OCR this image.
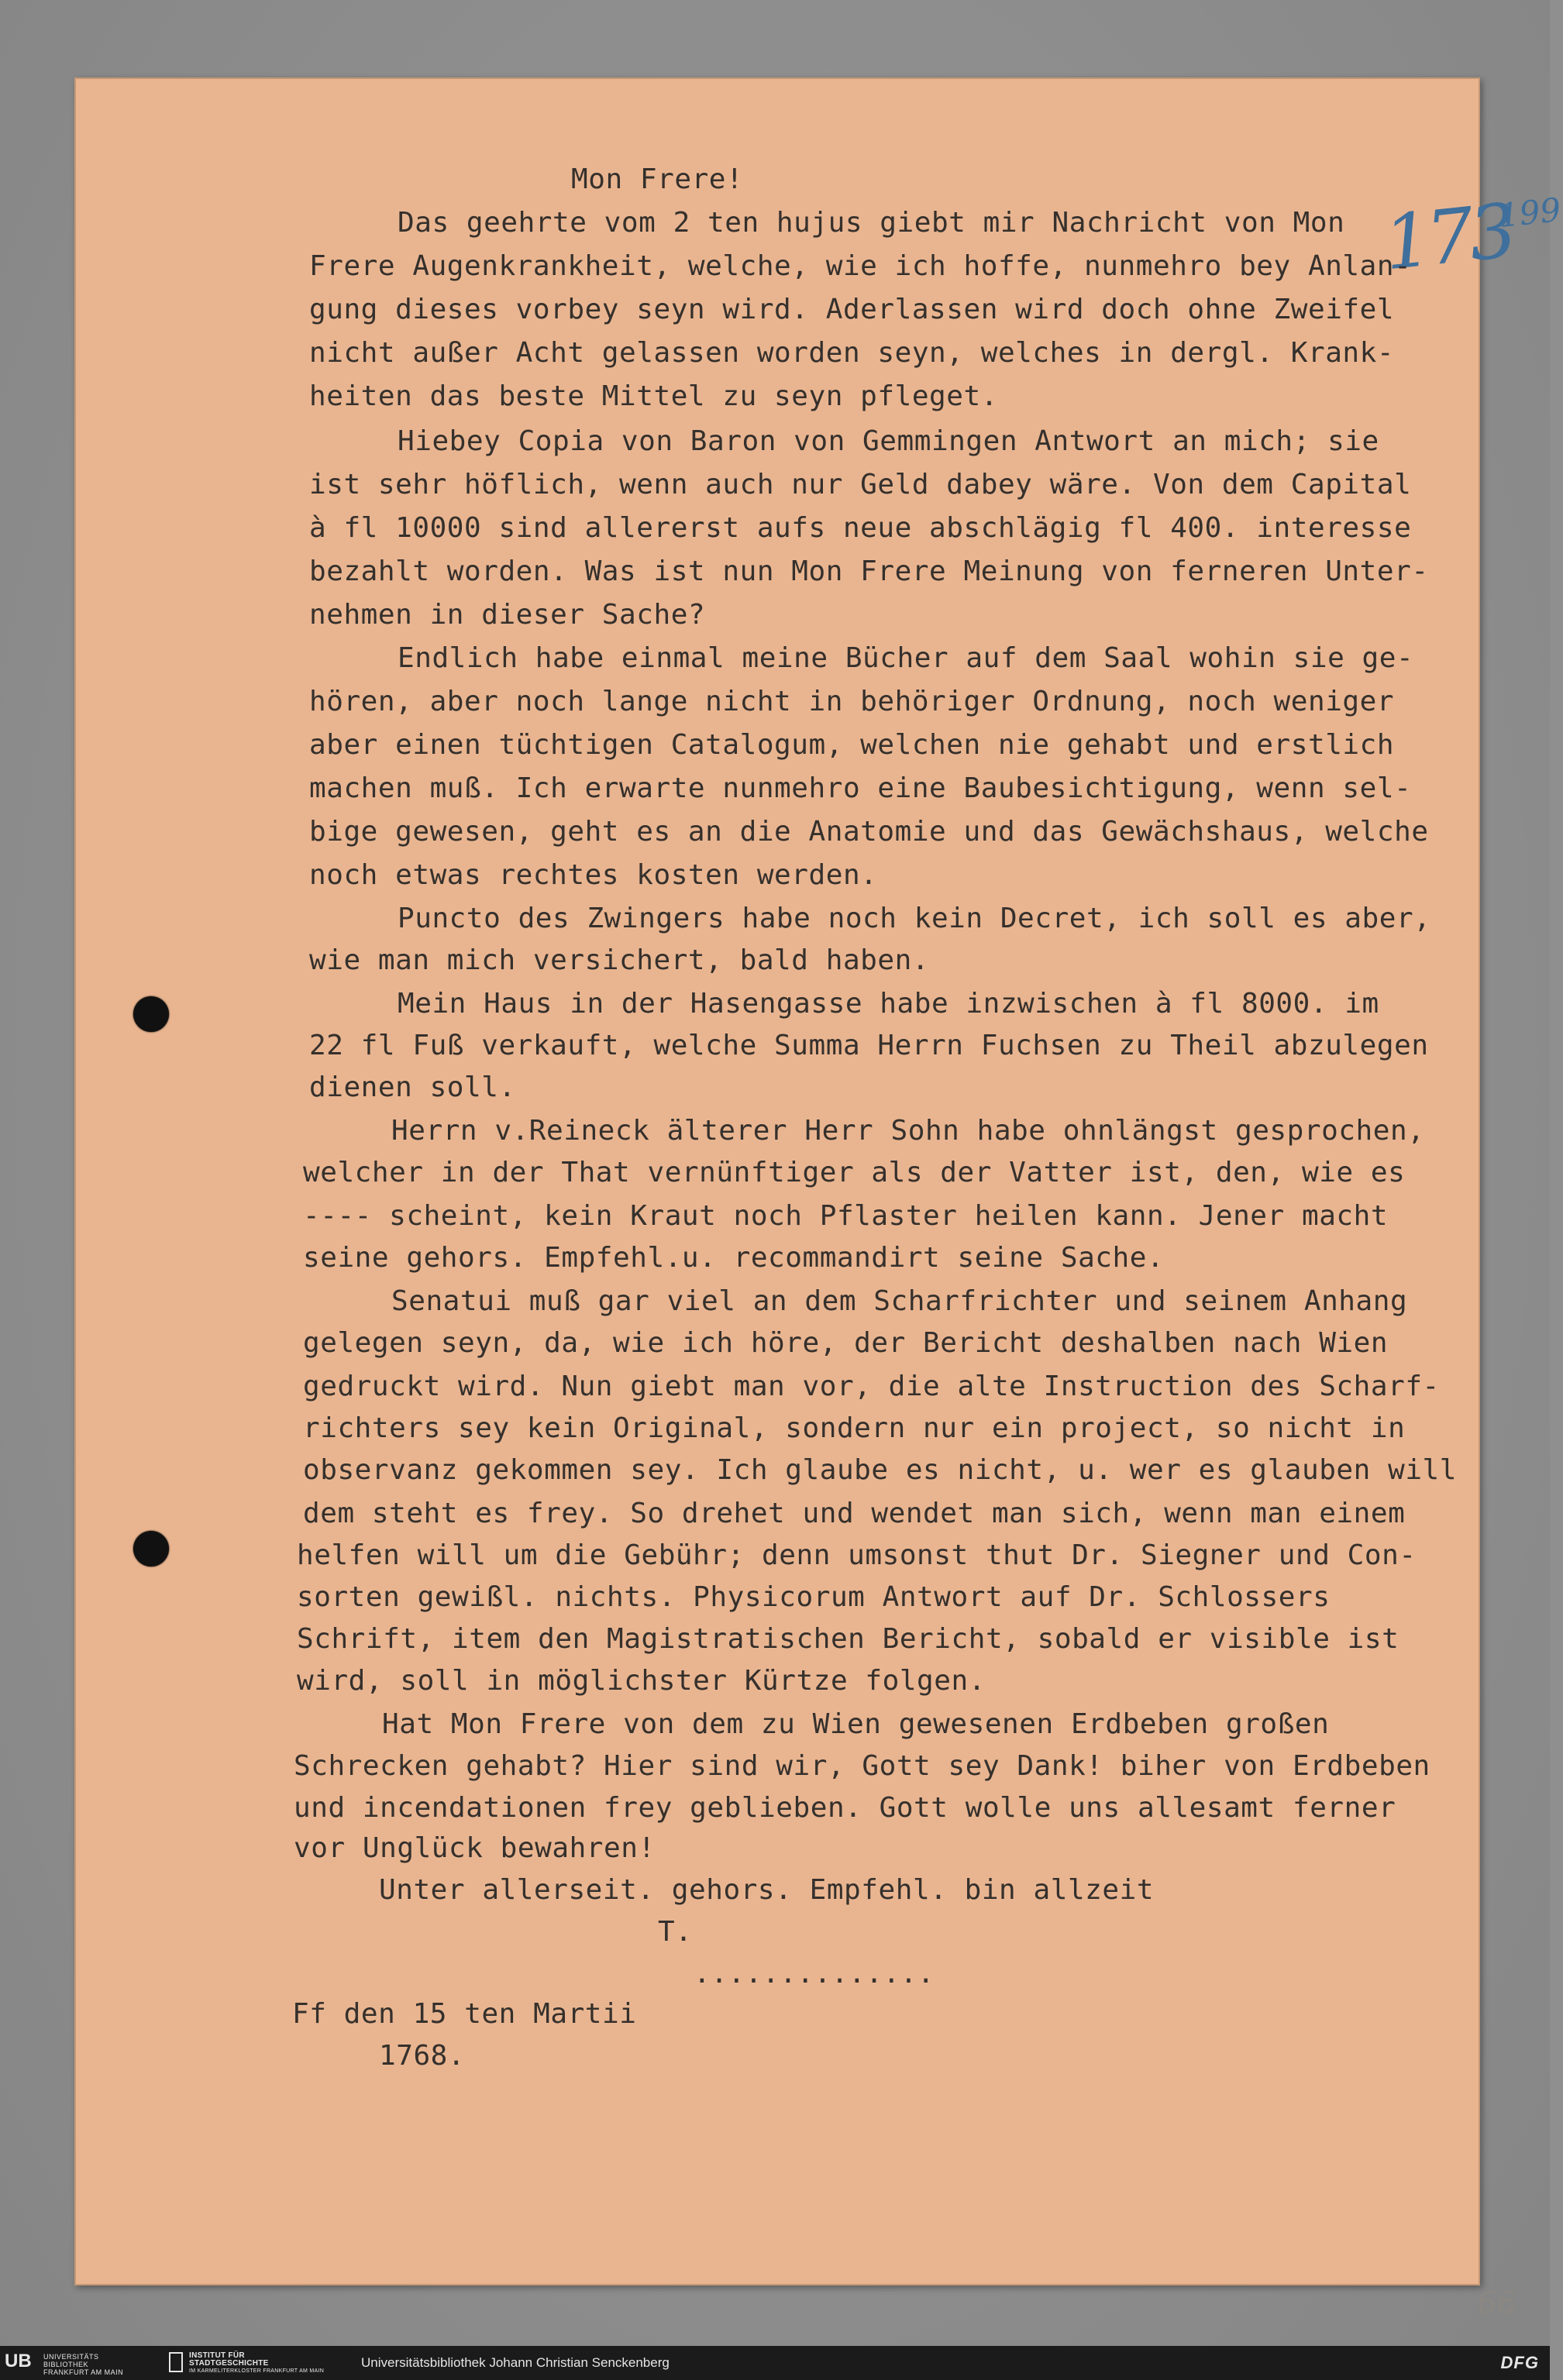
173
199
Mon Frere!
Das geehrte vom 2 ten hujus giebt mir Nachricht von Mon
Frere Augenkrankheit, welche, wie ich hoffe, nunmehro bey Anlan-
gung dieses vorbey seyn wird. Aderlassen wird doch ohne Zweifel
nicht außer Acht gelassen worden seyn, welches in dergl. Krank-
heiten das beste Mittel zu seyn pfleget.
Hiebey Copia von Baron von Gemmingen Antwort an mich; sie
ist sehr höflich, wenn auch nur Geld dabey wäre. Von dem Capital
à fl 10000 sind allererst aufs neue abschlägig fl 400. interesse
bezahlt worden. Was ist nun Mon Frere Meinung von ferneren Unter-
nehmen in dieser Sache?
Endlich habe einmal meine Bücher auf dem Saal wohin sie ge-
hören, aber noch lange nicht in behöriger Ordnung, noch weniger
aber einen tüchtigen Catalogum, welchen nie gehabt und erstlich
machen muß. Ich erwarte nunmehro eine Baubesichtigung, wenn sel-
bige gewesen, geht es an die Anatomie und das Gewächshaus, welche
noch etwas rechtes kosten werden.
Puncto des Zwingers habe noch kein Decret, ich soll es aber,
wie man mich versichert, bald haben.
Mein Haus in der Hasengasse habe inzwischen à fl 8000. im
22 fl Fuß verkauft, welche Summa Herrn Fuchsen zu Theil abzulegen
dienen soll.
Herrn v.Reineck älterer Herr Sohn habe ohnlängst gesprochen,
welcher in der That vernünftiger als der Vatter ist, den, wie es
---- scheint, kein Kraut noch Pflaster heilen kann. Jener macht
seine gehors. Empfehl.u. recommandirt seine Sache.
Senatui muß gar viel an dem Scharfrichter und seinem Anhang
gelegen seyn, da, wie ich höre, der Bericht deshalben nach Wien
gedruckt wird. Nun giebt man vor, die alte Instruction des Scharf-
richters sey kein Original, sondern nur ein project, so nicht in
observanz gekommen sey. Ich glaube es nicht, u. wer es glauben will
dem steht es frey. So drehet und wendet man sich, wenn man einem
helfen will um die Gebühr; denn umsonst thut Dr. Siegner und Con-
sorten gewißl. nichts. Physicorum Antwort auf Dr. Schlossers
Schrift, item den Magistratischen Bericht, sobald er visible ist
wird, soll in möglichster Kürtze folgen.
Hat Mon Frere von dem zu Wien gewesenen Erdbeben großen
Schrecken gehabt? Hier sind wir, Gott sey Dank! biher von Erdbeben
und incendationen frey geblieben. Gott wolle uns allesamt ferner
vor Unglück bewahren!
Unter allerseit. gehors. Empfehl. bin allzeit
T.
..............
Ff den 15 ten Martii
1768.
66
UB UNIVERSITÄTS
BIBLIOTHEK
FRANKFURT AM MAIN
INSTITUT FÜR
STADTGESCHICHTE
IM KARMELITERKLOSTER FRANKFURT AM MAIN
Universitätsbibliothek Johann Christian Senckenberg	DFG
